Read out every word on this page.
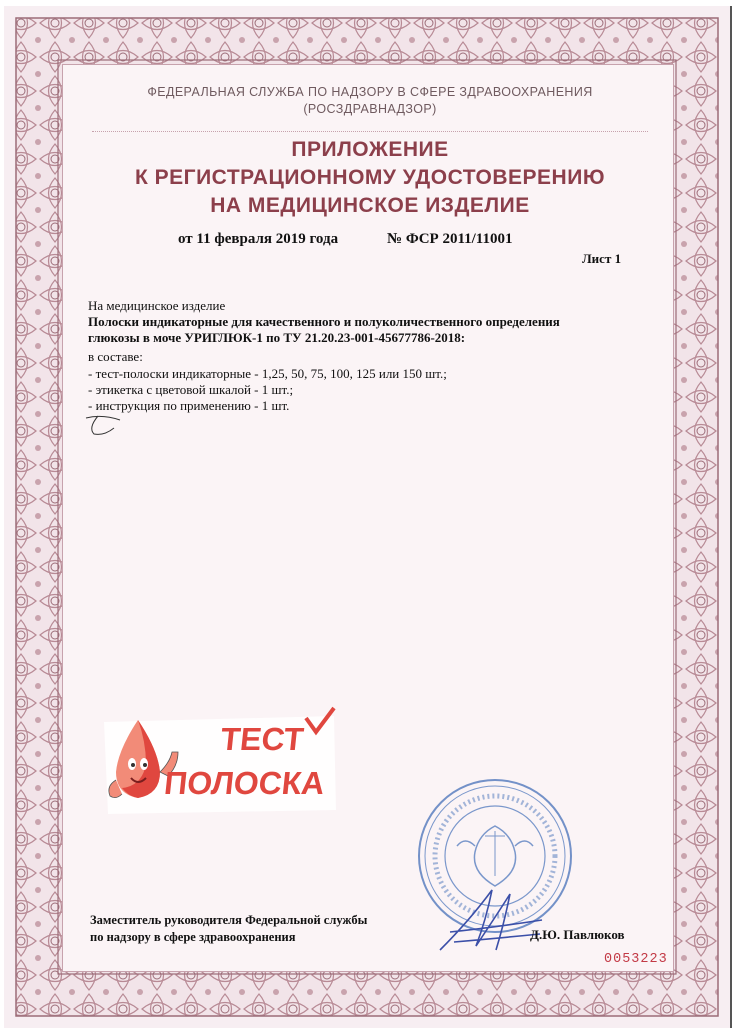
ФЕДЕРАЛЬНАЯ СЛУЖБА ПО НАДЗОРУ В СФЕРЕ ЗДРАВООХРАНЕНИЯ
(РОСЗДРАВНАДЗОР)
ПРИЛОЖЕНИЕ
К РЕГИСТРАЦИОННОМУ УДОСТОВЕРЕНИЮ
НА МЕДИЦИНСКОЕ ИЗДЕЛИЕ
от 11 февраля 2019 года	№ ФСР 2011/11001
Лист 1
На медицинское изделие
Полоски индикаторные для качественного и полуколичественного определения
глюкозы в моче УРИГЛЮК-1 по ТУ 21.20.23-001-45677786-2018:
в составе:
- тест-полоски индикаторные - 1,25, 50, 75, 100, 125 или 150 шт.;
- этикетка с цветовой шкалой - 1 шт.;
- инструкция по применению - 1 шт.
ТЕСТ
ПОЛОСКА
Заместитель руководителя Федеральной службы
по надзору в сфере здравоохранения	Д.Ю. Павлюков
0053223
